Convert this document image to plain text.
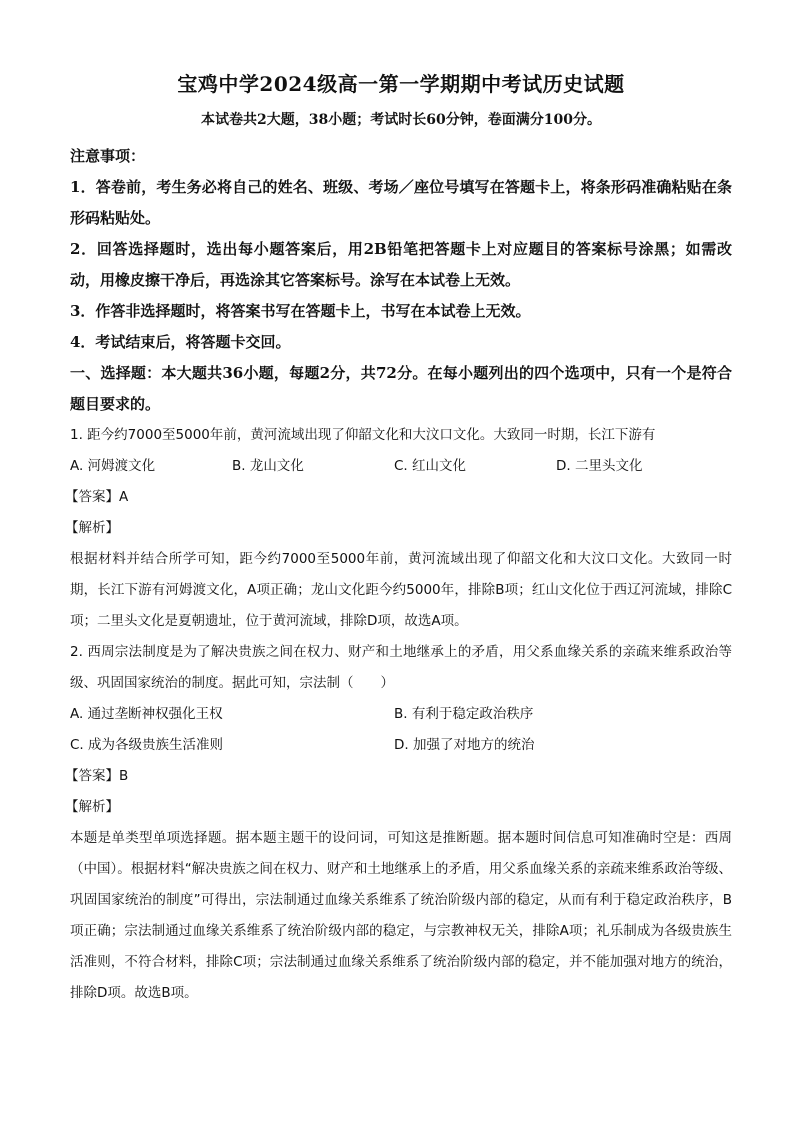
宝鸡中学2024级高一第一学期期中考试历史试题

本试卷共2大题，38小题；考试时长60分钟，卷面满分100分。

注意事项：

1．答卷前，考生务必将自己的姓名、班级、考场／座位号填写在答题卡上，将条形码准确粘贴在条形码粘贴处。

2．回答选择题时，选出每小题答案后，用2B铅笔把答题卡上对应题目的答案标号涂黑；如需改动，用橡皮擦干净后，再选涂其它答案标号。涂写在本试卷上无效。

3．作答非选择题时，将答案书写在答题卡上，书写在本试卷上无效。

4．考试结束后，将答题卡交回。

一、选择题：本大题共36小题，每题2分，共72分。在每小题列出的四个选项中，只有一个是符合题目要求的。

1. 距今约7000至5000年前，黄河流域出现了仰韶文化和大汶口文化。大致同一时期，长江下游有

A. 河姆渡文化	B. 龙山文化	C. 红山文化	D. 二里头文化

【答案】A

【解析】

根据材料并结合所学可知，距今约7000至5000年前，黄河流域出现了仰韶文化和大汶口文化。大致同一时期，长江下游有河姆渡文化，A项正确；龙山文化距今约5000年，排除B项；红山文化位于西辽河流域，排除C项；二里头文化是夏朝遗址，位于黄河流域，排除D项，故选A项。

2. 西周宗法制度是为了解决贵族之间在权力、财产和土地继承上的矛盾，用父系血缘关系的亲疏来维系政治等级、巩固国家统治的制度。据此可知，宗法制（　　）

A. 通过垄断神权强化王权	B. 有利于稳定政治秩序
C. 成为各级贵族生活准则	D. 加强了对地方的统治

【答案】B

【解析】

本题是单类型单项选择题。据本题主题干的设问词，可知这是推断题。据本题时间信息可知准确时空是：西周（中国）。根据材料“解决贵族之间在权力、财产和土地继承上的矛盾，用父系血缘关系的亲疏来维系政治等级、巩固国家统治的制度”可得出，宗法制通过血缘关系维系了统治阶级内部的稳定，从而有利于稳定政治秩序，B项正确；宗法制通过血缘关系维系了统治阶级内部的稳定，与宗教神权无关，排除A项；礼乐制成为各级贵族生活准则，不符合材料，排除C项；宗法制通过血缘关系维系了统治阶级内部的稳定，并不能加强对地方的统治，排除D项。故选B项。
